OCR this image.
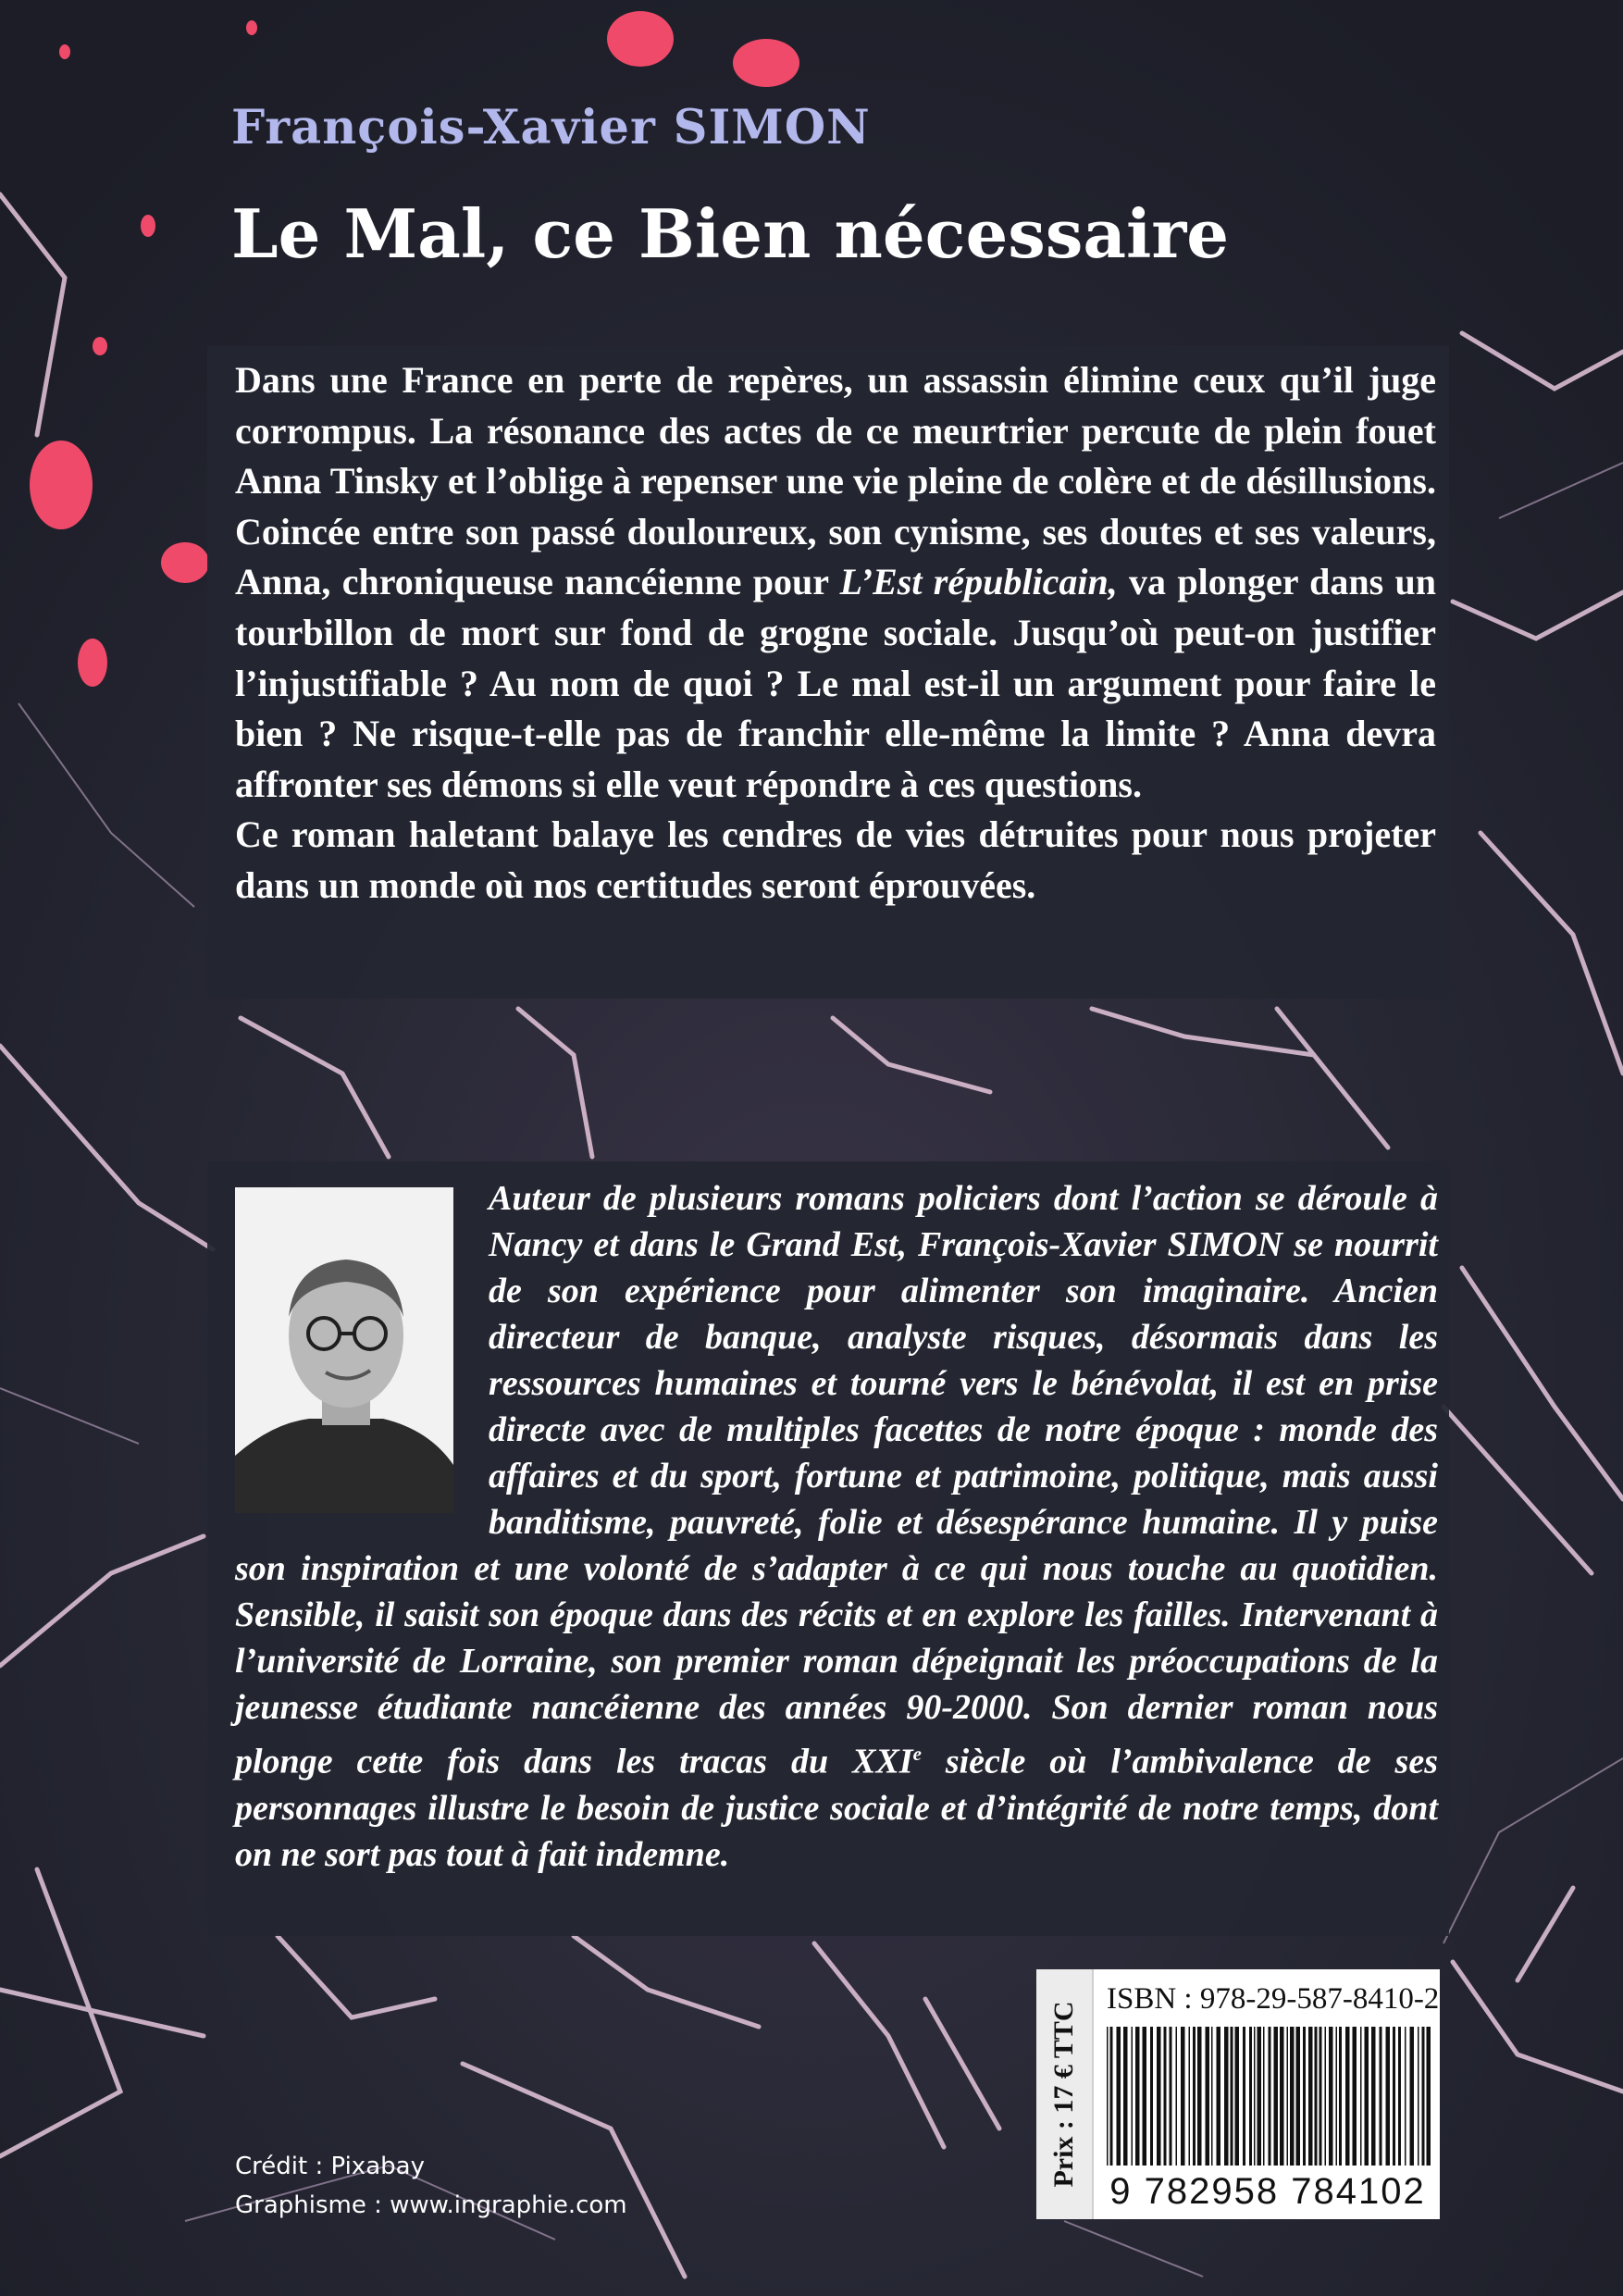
François-Xavier SIMON
Le Mal, ce Bien nécessaire

Dans une France en perte de repères, un assassin élimine ceux qu’il juge corrompus. La résonance des actes de ce meurtrier percute de plein fouet Anna Tinsky et l’oblige à repenser une vie pleine de colère et de désillusions. Coincée entre son passé douloureux, son cynisme, ses doutes et ses valeurs, Anna, chroniqueuse nancéienne pour L’Est républicain, va plonger dans un tourbillon de mort sur fond de grogne sociale. Jusqu’où peut-on justifier l’injustifiable ? Au nom de quoi ? Le mal est-il un argument pour faire le bien ? Ne risque-t-elle pas de franchir elle-même la limite ? Anna devra affronter ses démons si elle veut répondre à ces questions.

Ce roman haletant balaye les cendres de vies détruites pour nous projeter dans un monde où nos certitudes seront éprouvées.

Auteur de plusieurs romans policiers dont l’action se déroule à Nancy et dans le Grand Est, François-Xavier SIMON se nourrit de son expérience pour alimenter son imaginaire. Ancien directeur de banque, analyste risques, désormais dans les ressources humaines et tourné vers le bénévolat, il est en prise directe avec de multiples facettes de notre époque : monde des affaires et du sport, fortune et patrimoine, politique, mais aussi banditisme, pauvreté, folie et désespérance humaine. Il y puise son inspiration et une volonté de s’adapter à ce qui nous touche au quotidien. Sensible, il saisit son époque dans des récits et en explore les failles. Intervenant à l’université de Lorraine, son premier roman dépeignait les préoccupations de la jeunesse étudiante nancéienne des années 90-2000. Son dernier roman nous plonge cette fois dans les tracas du XXIe siècle où l’ambivalence de ses personnages illustre le besoin de justice sociale et d’intégrité de notre temps, dont on ne sort pas tout à fait indemne.
Crédit : Pixabay
Graphisme : www.ingraphie.com
Prix : 17 € TTC
ISBN : 978-29-587-8410-2
9 782958 784102
